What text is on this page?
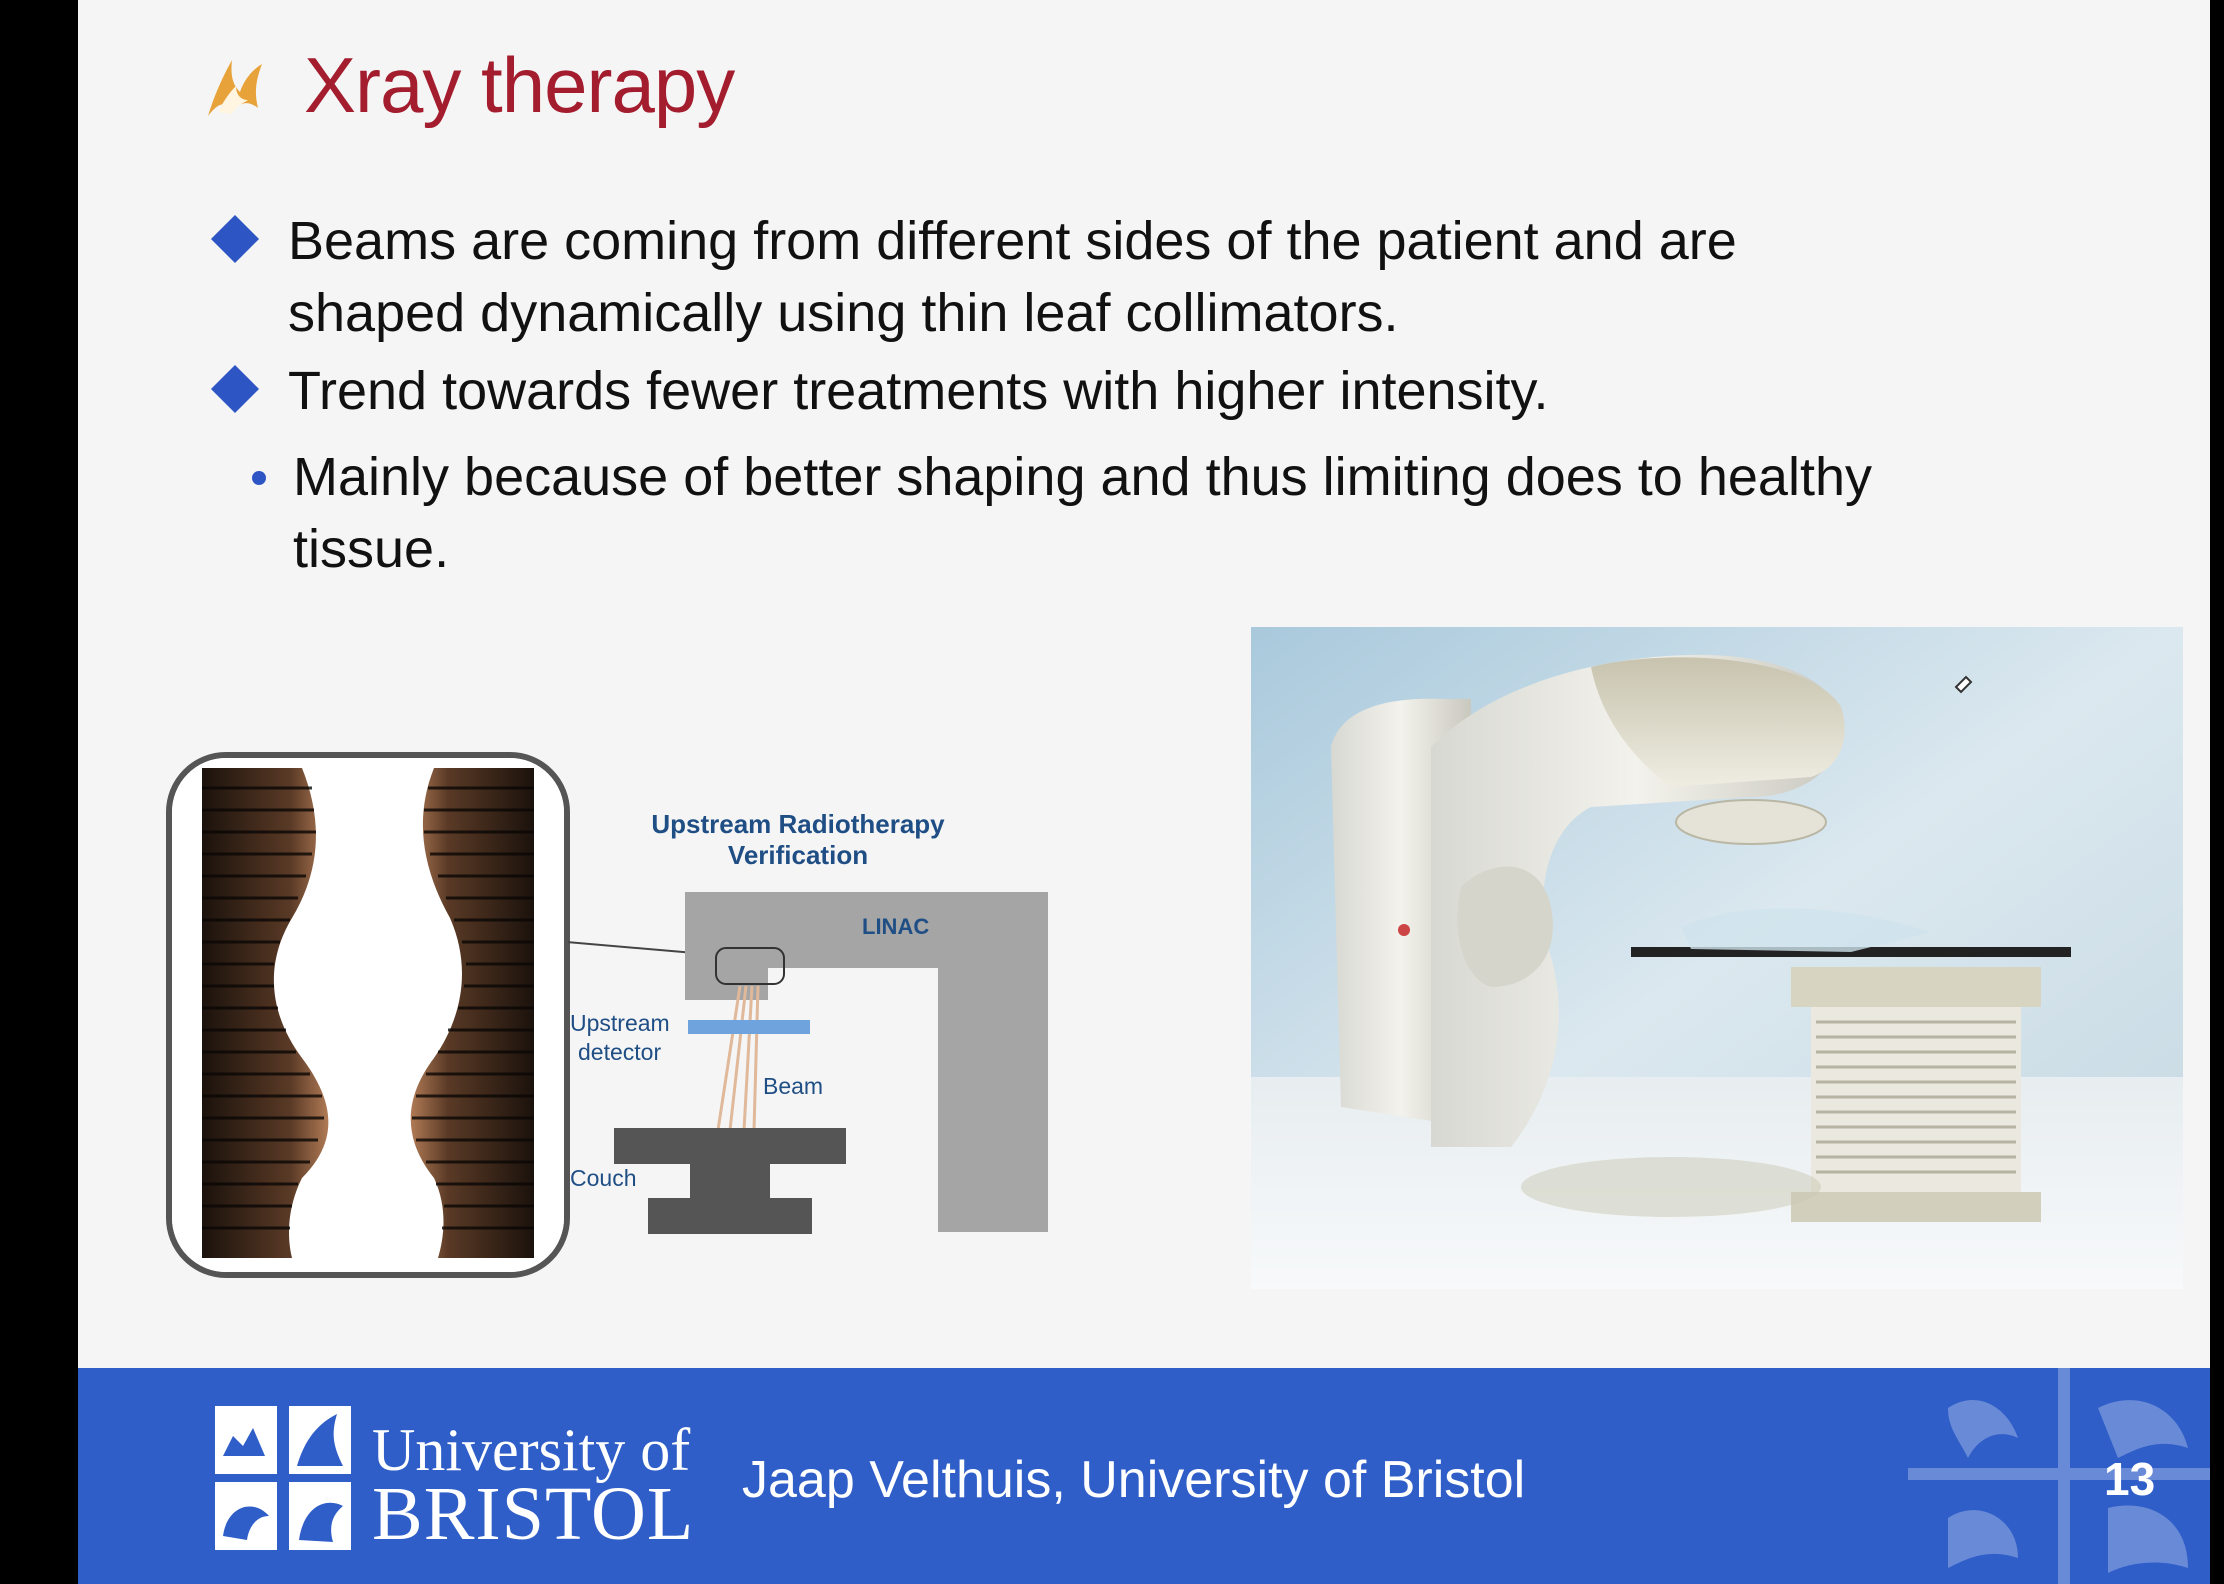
Xray therapy
Beams are coming from different sides of the patient and are
shaped dynamically using thin leaf collimators.
Trend towards fewer treatments with higher intensity.
Mainly because of better shaping and thus limiting does to healthy
tissue.
Upstream Radiotherapy
Verification
LINAC
Upstream
detector
Beam
Couch
University of
BRISTOL Jaap Velthuis, University of Bristol	13
